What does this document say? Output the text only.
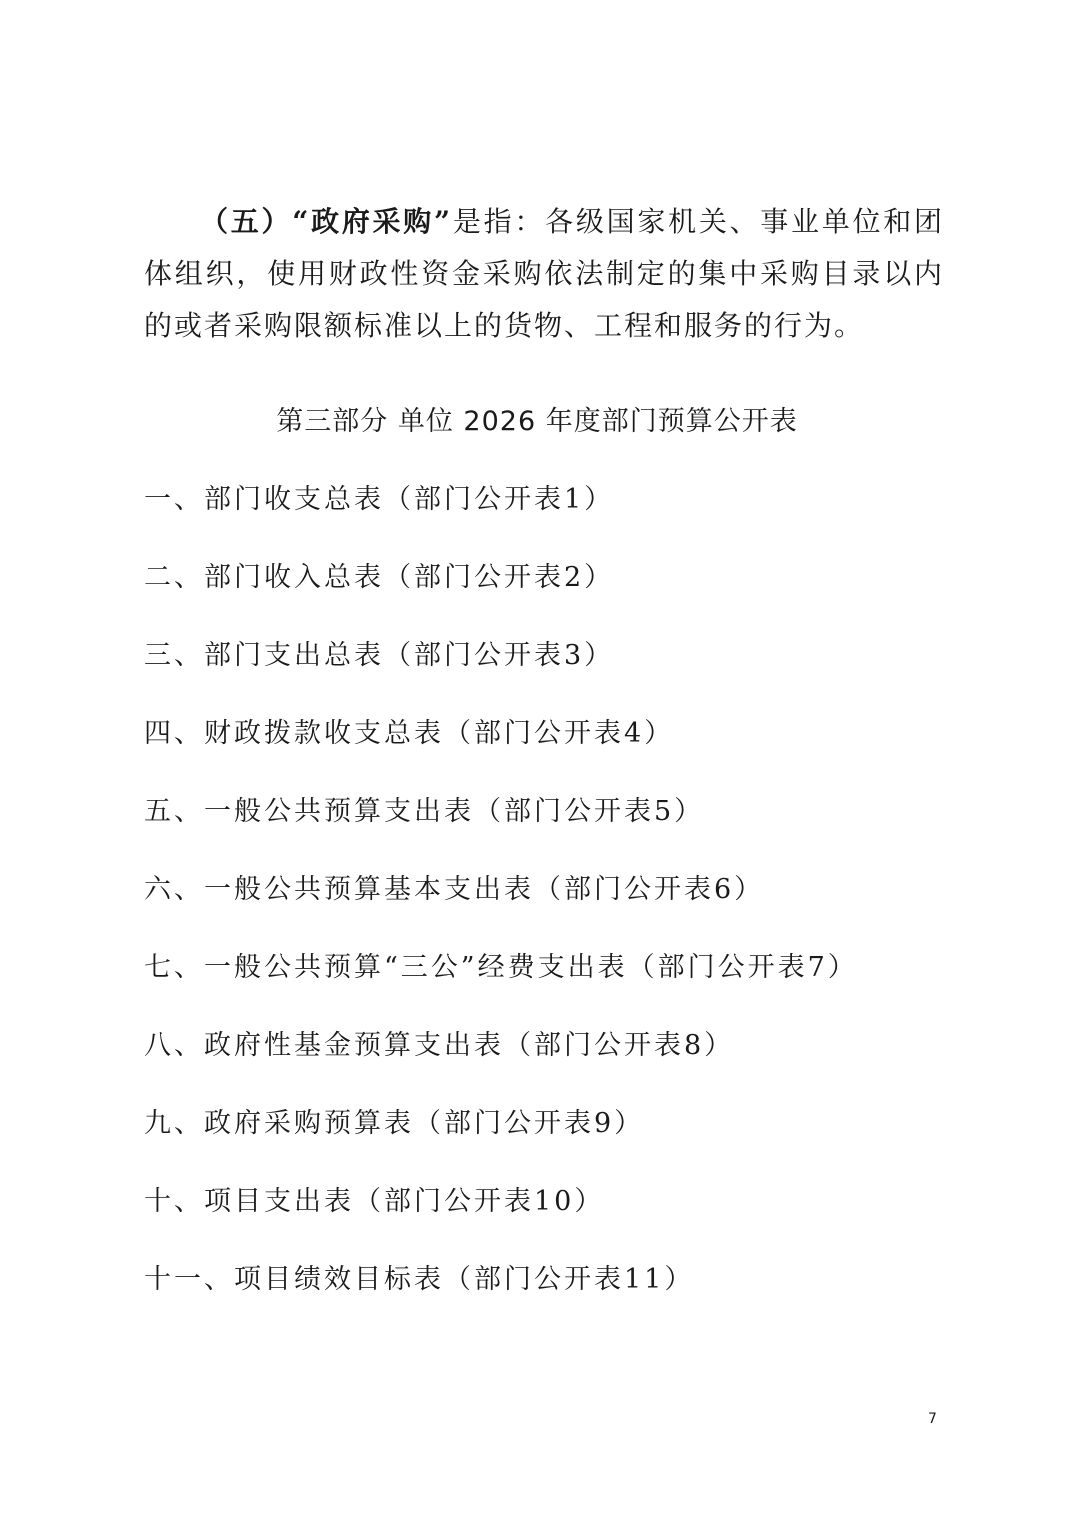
（五）“政府采购”是指：各级国家机关、事业单位和团体组织，使用财政性资金采购依法制定的集中采购目录以内的或者采购限额标准以上的货物、工程和服务的行为。

第三部分 单位 2026 年度部门预算公开表
一、部门收支总表（部门公开表1）
二、部门收入总表（部门公开表2）
三、部门支出总表（部门公开表3）
四、财政拨款收支总表（部门公开表4）
五、一般公共预算支出表（部门公开表5）
六、一般公共预算基本支出表（部门公开表6）
七、一般公共预算“三公”经费支出表（部门公开表7）
八、政府性基金预算支出表（部门公开表8）
九、政府采购预算表（部门公开表9）
十、项目支出表（部门公开表10）
十一、项目绩效目标表（部门公开表11）
7
